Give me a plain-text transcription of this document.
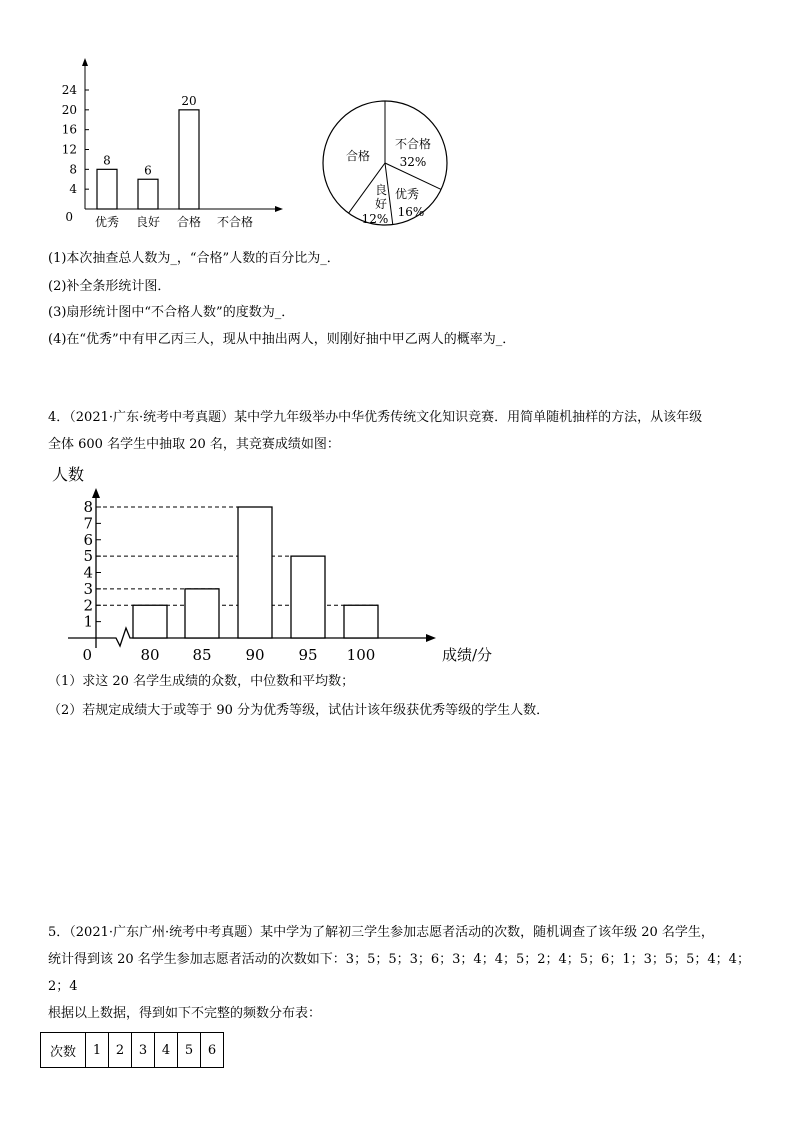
0
4
8
12
16
20
24
8
6
20
优秀 良好 合格 不合格
不合格
32%
优秀
16%
良
好
12%
合格
(1)本次抽查总人数为_，“合格”人数的百分比为_．
(2)补全条形统计图．
(3)扇形统计图中“不合格人数”的度数为_．
(4)在“优秀”中有甲乙丙三人，现从中抽出两人，则刚好抽中甲乙两人的概率为_．
4．（2021·广东·统考中考真题）某中学九年级举办中华优秀传统文化知识竞赛．用简单随机抽样的方法，从该年级
全体 600 名学生中抽取 20 名，其竞赛成绩如图：
人数
成绩/分
0
1
2
3
4
5
6
7
8
80 85 90 95 100
（1）求这 20 名学生成绩的众数，中位数和平均数；
（2）若规定成绩大于或等于 90 分为优秀等级，试估计该年级获优秀等级的学生人数．
5．（2021·广东广州·统考中考真题）某中学为了解初三学生参加志愿者活动的次数，随机调查了该年级 20 名学生，
统计得到该 20 名学生参加志愿者活动的次数如下：3；5；5；3；6；3；4；4；5；2；4；5；6；1；3；5；5；4；4；
2；4
根据以上数据，得到如下不完整的频数分布表：
次数	1	2	3	4	5	6
